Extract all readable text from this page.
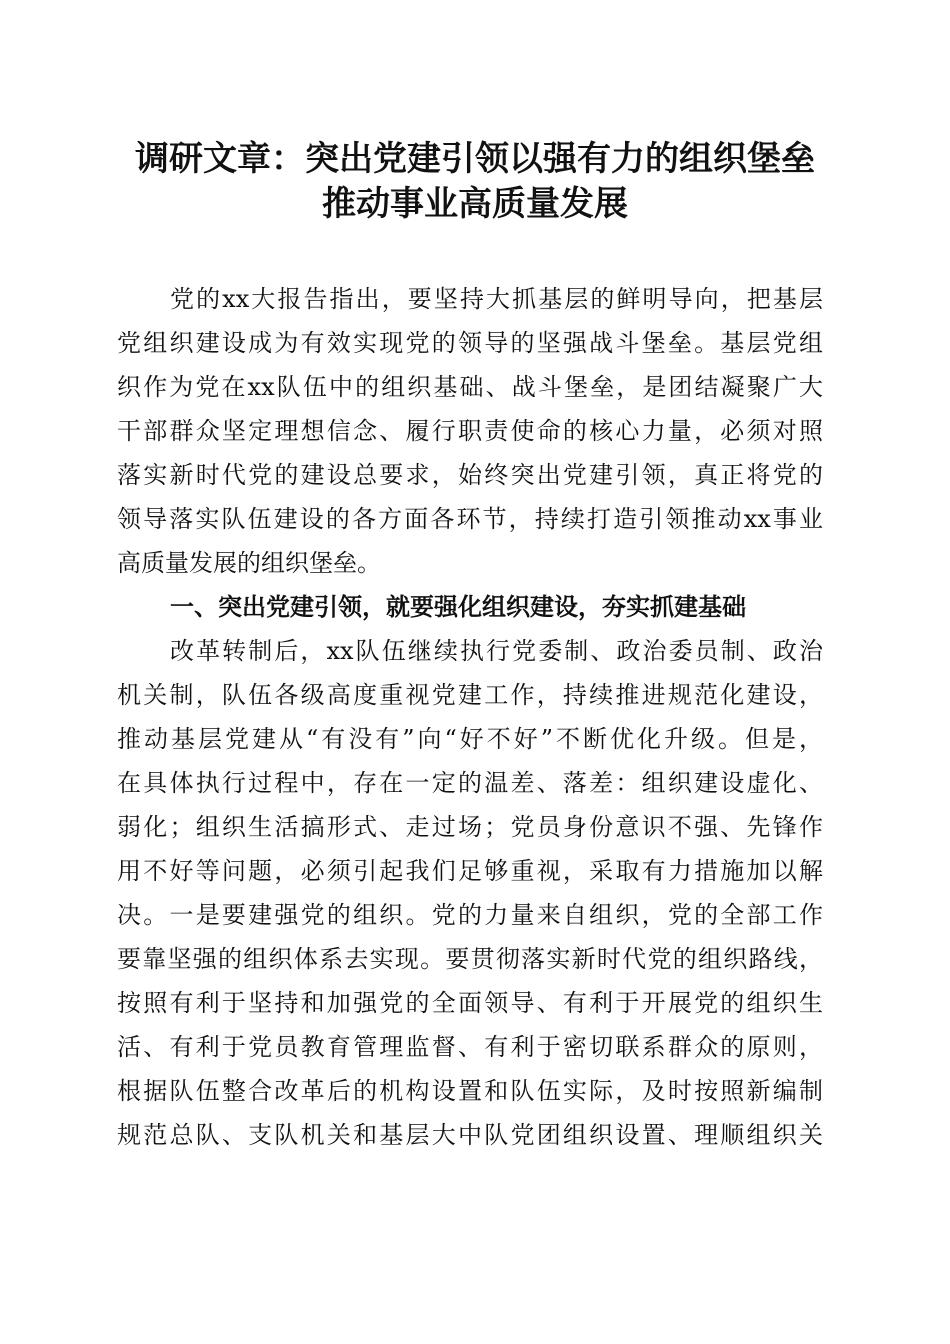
调研文章：突出党建引领以强有力的组织堡垒
推动事业高质量发展
党的xx大报告指出，要坚持大抓基层的鲜明导向，把基层
党组织建设成为有效实现党的领导的坚强战斗堡垒。基层党组
织作为党在xx队伍中的组织基础、战斗堡垒，是团结凝聚广大
干部群众坚定理想信念、履行职责使命的核心力量，必须对照
落实新时代党的建设总要求，始终突出党建引领，真正将党的
领导落实队伍建设的各方面各环节，持续打造引领推动xx事业
高质量发展的组织堡垒。
一、突出党建引领，就要强化组织建设，夯实抓建基础
改革转制后，xx队伍继续执行党委制、政治委员制、政治
机关制，队伍各级高度重视党建工作，持续推进规范化建设，
推动基层党建从“有没有”向“好不好”不断优化升级。但是，
在具体执行过程中，存在一定的温差、落差：组织建设虚化、
弱化；组织生活搞形式、走过场；党员身份意识不强、先锋作
用不好等问题，必须引起我们足够重视，采取有力措施加以解
决。一是要建强党的组织。党的力量来自组织，党的全部工作
要靠坚强的组织体系去实现。要贯彻落实新时代党的组织路线，
按照有利于坚持和加强党的全面领导、有利于开展党的组织生
活、有利于党员教育管理监督、有利于密切联系群众的原则，
根据队伍整合改革后的机构设置和队伍实际，及时按照新编制
规范总队、支队机关和基层大中队党团组织设置、理顺组织关
